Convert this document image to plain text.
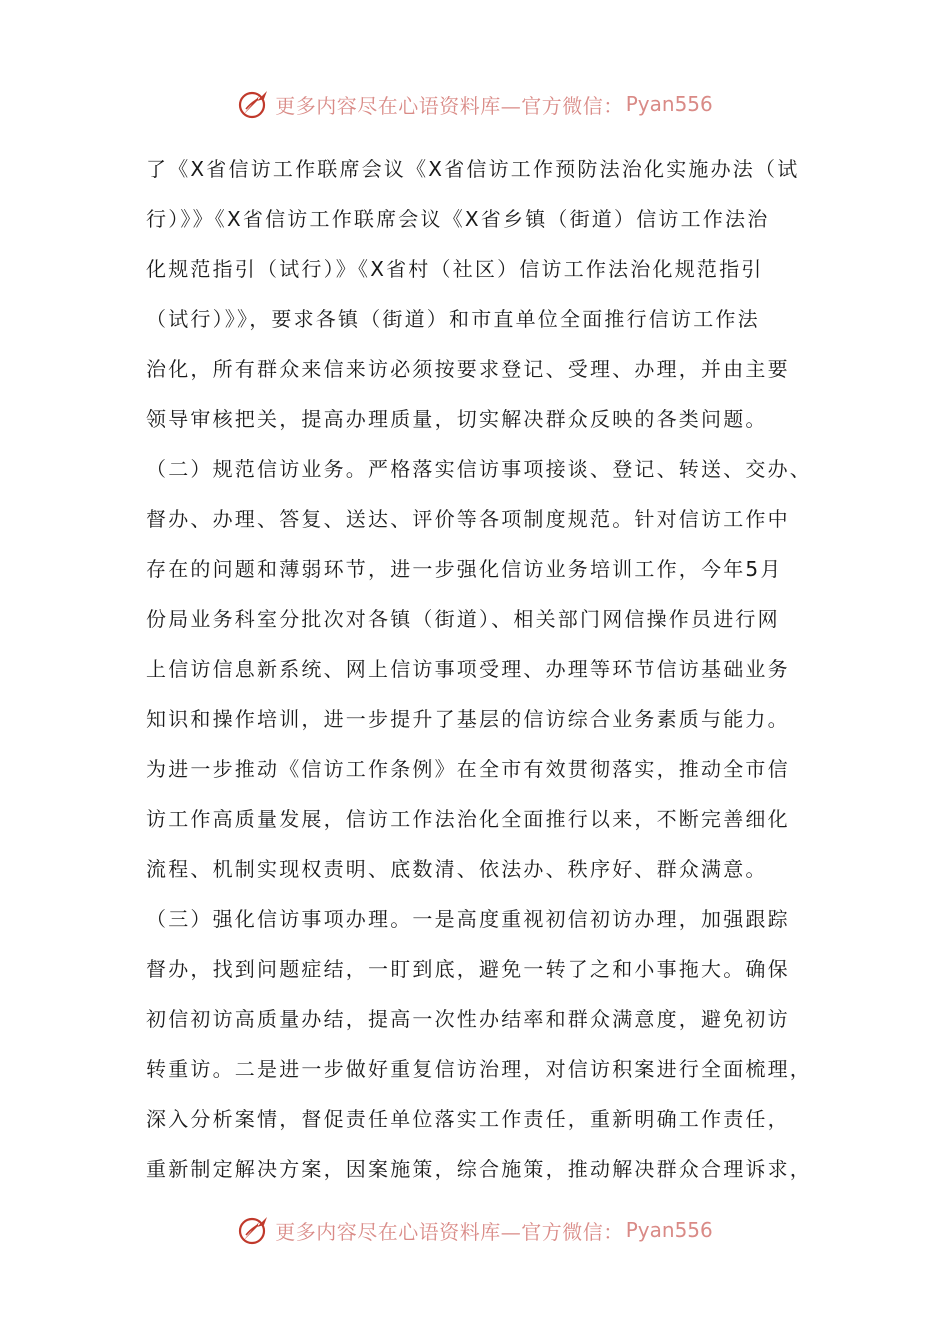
更多内容尽在心语资料库—官方微信： Pyan556
了《X省信访工作联席会议《X省信访工作预防法治化实施办法（试
行）》》《X省信访工作联席会议《X省乡镇（街道）信访工作法治
化规范指引（试行）》《X省村（社区）信访工作法治化规范指引
（试行）》》，要求各镇（街道）和市直单位全面推行信访工作法
治化，所有群众来信来访必须按要求登记、受理、办理，并由主要
领导审核把关，提高办理质量，切实解决群众反映的各类问题。
（二）规范信访业务。严格落实信访事项接谈、登记、转送、交办、
督办、办理、答复、送达、评价等各项制度规范。针对信访工作中
存在的问题和薄弱环节，进一步强化信访业务培训工作，今年5月
份局业务科室分批次对各镇（街道）、相关部门网信操作员进行网
上信访信息新系统、网上信访事项受理、办理等环节信访基础业务
知识和操作培训，进一步提升了基层的信访综合业务素质与能力。
为进一步推动《信访工作条例》在全市有效贯彻落实，推动全市信
访工作高质量发展，信访工作法治化全面推行以来，不断完善细化
流程、机制实现权责明、底数清、依法办、秩序好、群众满意。
（三）强化信访事项办理。一是高度重视初信初访办理，加强跟踪
督办，找到问题症结，一盯到底，避免一转了之和小事拖大。确保
初信初访高质量办结，提高一次性办结率和群众满意度，避免初访
转重访。二是进一步做好重复信访治理，对信访积案进行全面梳理，
深入分析案情，督促责任单位落实工作责任，重新明确工作责任，
重新制定解决方案，因案施策，综合施策，推动解决群众合理诉求，
更多内容尽在心语资料库—官方微信： Pyan556
